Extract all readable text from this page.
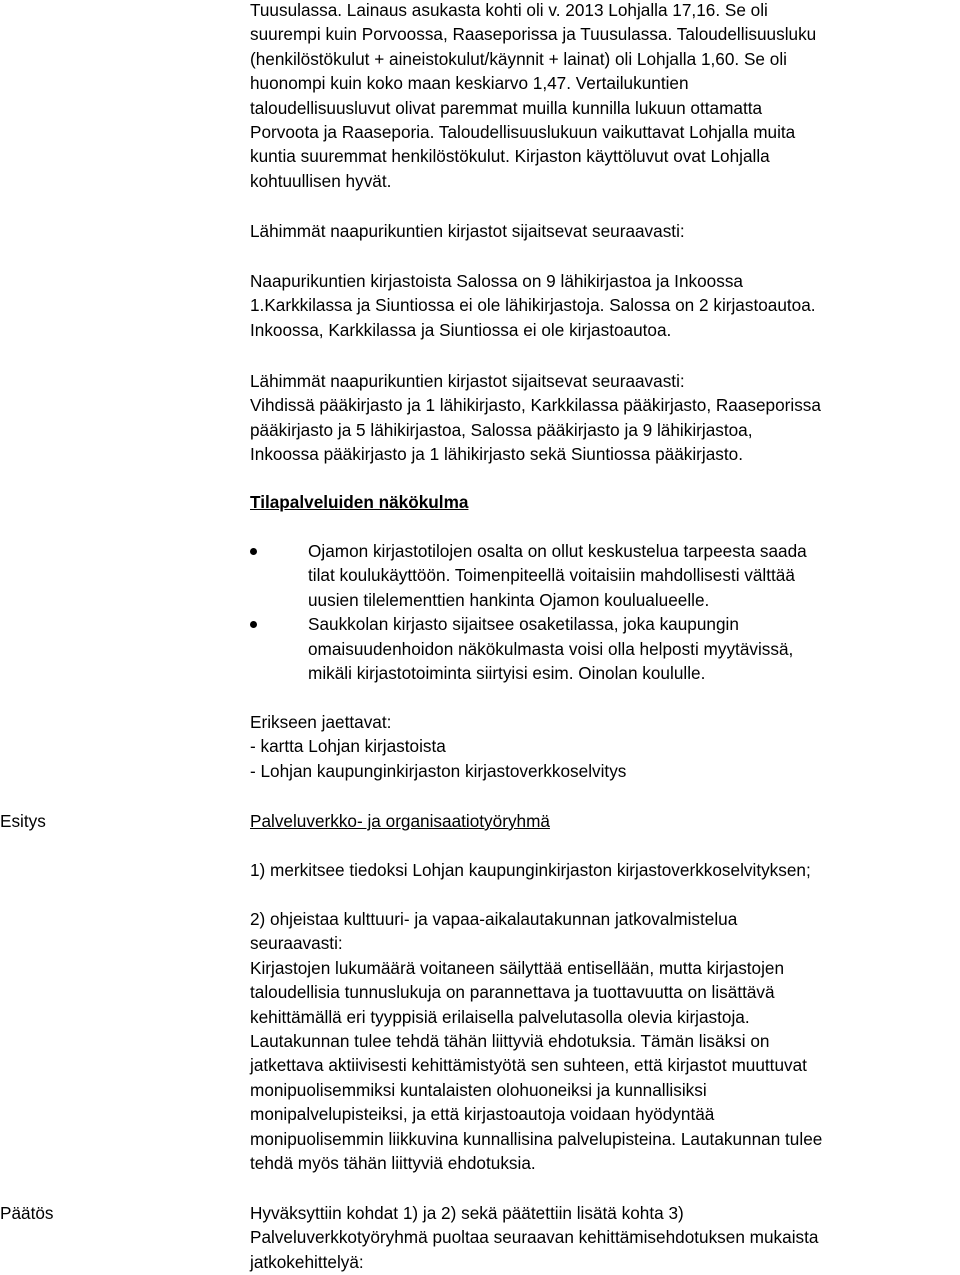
Tuusulassa. Lainaus asukasta kohti oli v. 2013 Lohjalla 17,16. Se oli
suurempi kuin Porvoossa, Raaseporissa ja Tuusulassa. Taloudellisuusluku
(henkilöstökulut + aineistokulut/käynnit + lainat) oli Lohjalla 1,60. Se oli
huonompi kuin koko maan keskiarvo 1,47. Vertailukuntien
taloudellisuusluvut olivat paremmat muilla kunnilla lukuun ottamatta
Porvoota ja Raaseporia. Taloudellisuuslukuun vaikuttavat Lohjalla muita
kuntia suuremmat henkilöstökulut. Kirjaston käyttöluvut ovat Lohjalla
kohtuullisen hyvät.
Lähimmät naapurikuntien kirjastot sijaitsevat seuraavasti:
Naapurikuntien kirjastoista Salossa on 9 lähikirjastoa ja Inkoossa
1.Karkkilassa ja Siuntiossa ei ole lähikirjastoja. Salossa on 2 kirjastoautoa.
Inkoossa, Karkkilassa ja Siuntiossa ei ole kirjastoautoa.
Lähimmät naapurikuntien kirjastot sijaitsevat seuraavasti:
Vihdissä pääkirjasto ja 1 lähikirjasto, Karkkilassa pääkirjasto, Raaseporissa
pääkirjasto ja 5 lähikirjastoa, Salossa pääkirjasto ja 9 lähikirjastoa,
Inkoossa pääkirjasto ja 1 lähikirjasto sekä Siuntiossa pääkirjasto.
Tilapalveluiden näkökulma
Ojamon kirjastotilojen osalta on ollut keskustelua tarpeesta saada
tilat koulukäyttöön. Toimenpiteellä voitaisiin mahdollisesti välttää
uusien tilelementtien hankinta Ojamon koulualueelle.
Saukkolan kirjasto sijaitsee osaketilassa, joka kaupungin
omaisuudenhoidon näkökulmasta voisi olla helposti myytävissä,
mikäli kirjastotoiminta siirtyisi esim. Oinolan koululle.
Erikseen jaettavat:
- kartta Lohjan kirjastoista
- Lohjan kaupunginkirjaston kirjastoverkkoselvitys
Esitys	Palveluverkko- ja organisaatiotyöryhmä
1) merkitsee tiedoksi Lohjan kaupunginkirjaston kirjastoverkkoselvityksen;
2) ohjeistaa kulttuuri- ja vapaa-aikalautakunnan jatkovalmistelua
seuraavasti:
Kirjastojen lukumäärä voitaneen säilyttää entisellään, mutta kirjastojen
taloudellisia tunnuslukuja on parannettava ja tuottavuutta on lisättävä
kehittämällä eri tyyppisiä erilaisella palvelutasolla olevia kirjastoja.
Lautakunnan tulee tehdä tähän liittyviä ehdotuksia. Tämän lisäksi on
jatkettava aktiivisesti kehittämistyötä sen suhteen, että kirjastot muuttuvat
monipuolisemmiksi kuntalaisten olohuoneiksi ja kunnallisiksi
monipalvelupisteiksi, ja että kirjastoautoja voidaan hyödyntää
monipuolisemmin liikkuvina kunnallisina palvelupisteina. Lautakunnan tulee
tehdä myös tähän liittyviä ehdotuksia.
Päätös	Hyväksyttiin kohdat 1) ja 2) sekä päätettiin lisätä kohta 3)
Palveluverkkotyöryhmä puoltaa seuraavan kehittämisehdotuksen mukaista
jatkokehittelyä:
